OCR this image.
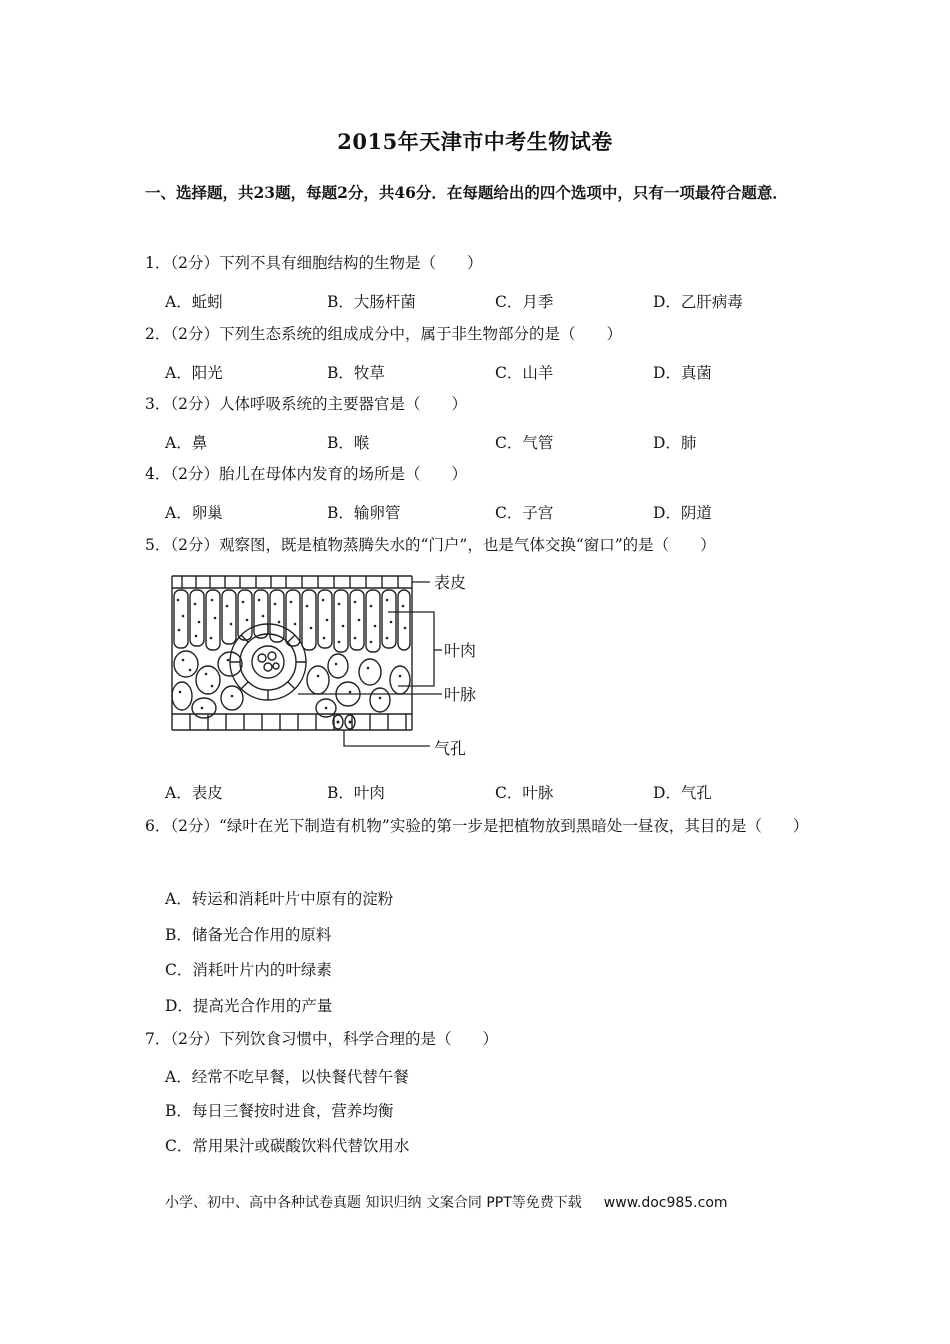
2015年天津市中考生物试卷
一、选择题，共23题，每题2分，共46分．在每题给出的四个选项中，只有一项最符合题意．
1．（2分）下列不具有细胞结构的生物是（　　）
A．蚯蚓	B．大肠杆菌	C．月季	D．乙肝病毒
2．（2分）下列生态系统的组成成分中，属于非生物部分的是（　　）
A．阳光	B．牧草	C．山羊	D．真菌
3．（2分）人体呼吸系统的主要器官是（　　）
A．鼻	B．喉	C．气管	D．肺
4．（2分）胎儿在母体内发育的场所是（　　）
A．卵巢	B．输卵管	C．子宫	D．阴道
5．（2分）观察图，既是植物蒸腾失水的“门户”，也是气体交换“窗口”的是（　　）
表皮
叶肉
叶脉
气孔
A．表皮	B．叶肉	C．叶脉	D．气孔
6．（2分）“绿叶在光下制造有机物”实验的第一步是把植物放到黑暗处一昼夜，其目的是（　　）
A．转运和消耗叶片中原有的淀粉
B．储备光合作用的原料
C．消耗叶片内的叶绿素
D．提高光合作用的产量
7．（2分）下列饮食习惯中，科学合理的是（　　）
A．经常不吃早餐，以快餐代替午餐
B．每日三餐按时进食，营养均衡
C．常用果汁或碳酸饮料代替饮用水
小学、初中、高中各种试卷真题 知识归纳 文案合同 PPT等免费下载 www.doc985.com
